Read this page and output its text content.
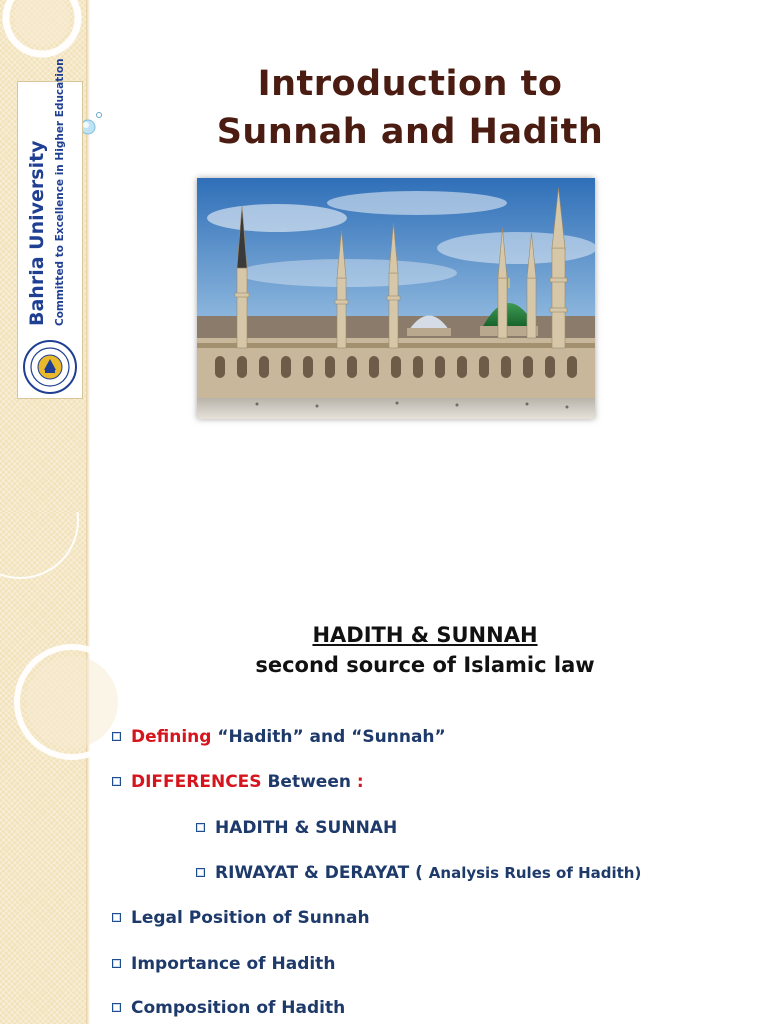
Introduction to
Sunnah and Hadith
Bahria University Committed to Excellence in Higher Education
HADITH & SUNNAH
second source of Islamic law
Defining “Hadith” and “Sunnah”
DIFFERENCES Between :
HADITH & SUNNAH
RIWAYAT & DERAYAT ( Analysis Rules of Hadith)
Legal Position of Sunnah
Importance of Hadith
Composition of Hadith
